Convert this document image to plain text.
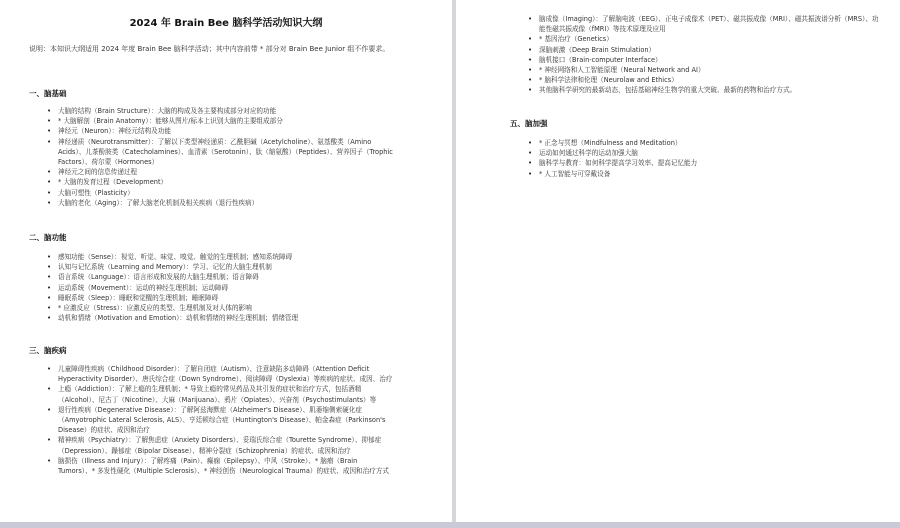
2024 年 Brain Bee 脑科学活动知识大纲
说明：本知识大纲适用 2024 年度 Brain Bee 脑科学活动；其中内容前带 * 部分对 Brain Bee Junior 组不作要求。
一、脑基础
• 大脑的结构（Brain Structure）：大脑的构成及各主要构成部分对应的功能
• * 大脑解剖（Brain Anatomy）：能够从图片/标本上识别大脑的主要组成部分
• 神经元（Neuron）：神经元结构及功能
• 神经递质（Neurotransmitter）：了解以下类型神经递质：乙酰胆碱（Acetylcholine）、氨基酸类（Amino Acids）、儿茶酚胺类（Catecholamines）、血清素（Serotonin）、肽（缩氨酸）（Peptides）、营养因子（Trophic Factors）、荷尔蒙（Hormones）
• 神经元之间的信息传递过程
• * 大脑的发育过程（Development）
• 大脑可塑性（Plasticity）
• 大脑的老化（Aging）：了解大脑老化机制及相关疾病（退行性疾病）
二、脑功能
• 感知功能（Sense）：视觉、听觉、味觉、嗅觉、触觉的生理机制；感知系统障碍
• 认知与记忆系统（Learning and Memory）：学习、记忆的大脑生理机制
• 语言系统（Language）：语言形成和发展的大脑生理机制；语言障碍
• 运动系统（Movement）：运动的神经生理机制；运动障碍
• 睡眠系统（Sleep）：睡眠和觉醒的生理机制；睡眠障碍
• * 应激反应（Stress）：应激反应的类型、生理机制及对人体的影响
• 动机和情绪（Motivation and Emotion）：动机和情绪的神经生理机制；情绪管理
三、脑疾病
• 儿童障碍性疾病（Childhood Disorder）：了解自闭症（Autism）、注意缺陷多动障碍（Attention Deficit Hyperactivity Disorder）、唐氏综合症（Down Syndrome）、阅读障碍（Dyslexia）等疾病的症状、成因、治疗
• 上瘾（Addiction）：了解上瘾的生理机制；* 导致上瘾的常见药品及其引发的症状和治疗方式，包括酒精（Alcohol）、尼古丁（Nicotine）、大麻（Marijuana）、鸦片（Opiates）、兴奋剂（Psychostimulants）等
• 退行性疾病（Degenerative Disease）：了解阿兹海默症（Alzheimer's Disease）、肌萎缩侧索硬化症（Amyotrophic Lateral Sclerosis, ALS）、亨廷顿综合症（Huntington's Disease）、帕金森症（Parkinson's Disease）的症状、成因和治疗
• 精神疾病（Psychiatry）：了解焦虑症（Anxiety Disorders）、妥瑞氏综合症（Tourette Syndrome）、抑郁症（Depression）、躁郁症（Bipolar Disease）、精神分裂症（Schizophrenia）的症状、成因和治疗
• 脑损伤（Illness and Injury）：了解疼痛（Pain）、癫痫（Epilepsy）、中风（Stroke）、* 脑瘤（Brain Tumors）、* 多发性硬化（Multiple Sclerosis）、* 神经创伤（Neurological Trauma）的症状、成因和治疗方式
• 脑成像（Imaging）：了解脑电波（EEG）、正电子成像术（PET）、磁共振成像（MRI）、磁共振波谱分析（MRS）、功能性磁共振成像（fMRI）等技术原理及应用
• * 基因治疗（Genetics）
• 深脑刺激（Deep Brain Stimulation）
• 脑机接口（Brain-computer Interface）
• * 神经网络和人工智能原理（Neural Network and AI）
• * 脑科学法律和伦理（Neurolaw and Ethics）
• 其他脑科学研究的最新动态，包括基础神经生物学的重大突破、最新的药物和治疗方式。
五、脑加强
• * 正念与冥想（Mindfulness and Meditation）
• 运动如何通过科学的运动加强大脑
• 脑科学与教育：如何科学提高学习效率、提高记忆能力
• * 人工智能与可穿戴设备
